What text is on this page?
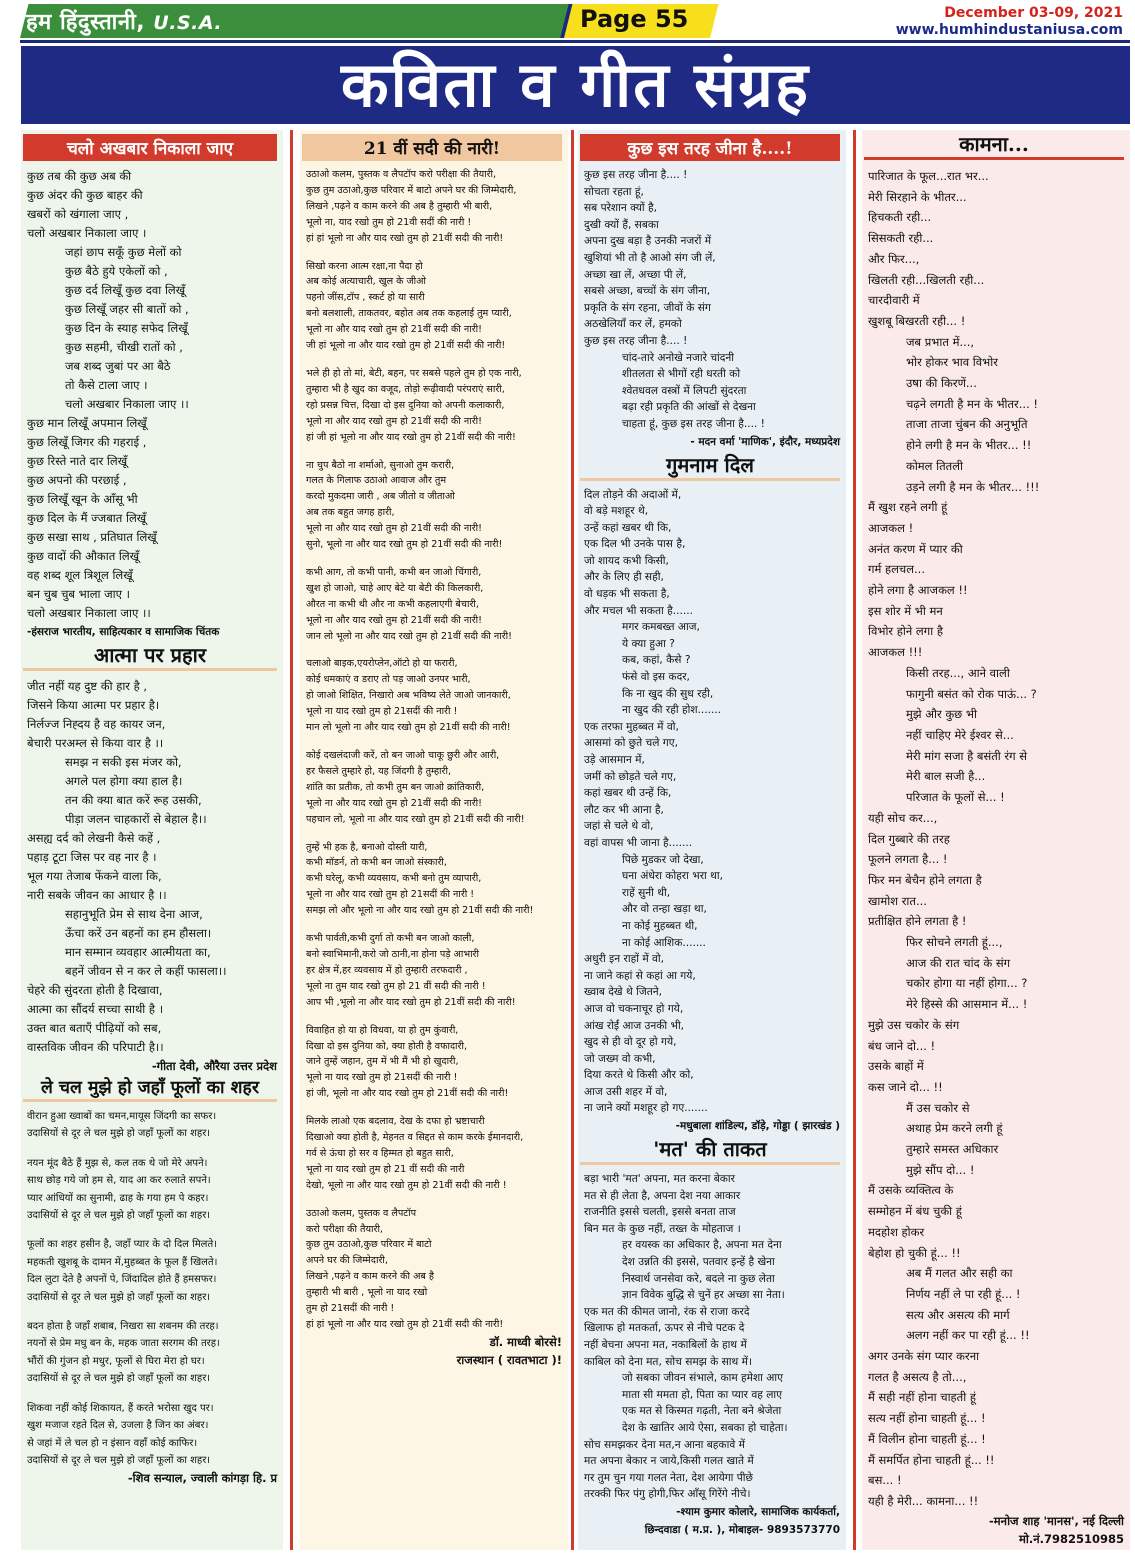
हम हिंदुस्तानी, U.S.A.	Page 55	December 03-09, 2021
www.humhindustaniusa.com
कविता व गीत संग्रह
चलो अखबार निकाला जाए
कुछ तब की कुछ अब की
कुछ अंदर की कुछ बाहर की
खबरों को खंगाला जाए ,
चलो अखबार निकाला जाए ।
जहां छाप सकूँ कुछ मेलों को
कुछ बैठे हुये एकेलों को ,
कुछ दर्द लिखूँ कुछ दवा लिखूँ
कुछ लिखूँ जहर सी बातों को ,
कुछ दिन के स्याह सफेद लिखूँ
कुछ सहमी, चीखी रातों को ,
जब शब्द जुबां पर आ बैठे
तो कैसे टाला जाए ।
चलो अखबार निकाला जाए ।।
कुछ मान लिखूँ अपमान लिखूँ
कुछ लिखूँ जिगर की गहराई ,
कुछ रिस्ते नाते दार लिखूँ
कुछ अपनो की परछाई ,
कुछ लिखूँ खून के आँसू भी
कुछ दिल के मैं ज्जबात लिखूँ
कुछ सखा साथ , प्रतिघात लिखूँ
कुछ वादों की औकात लिखूँ
वह शब्द शूल त्रिशूल लिखूँ
बन चुब चुब भाला जाए ।
चलो अखबार निकाला जाए ।।
-हंसराज भारतीय, साहित्यकार व सामाजिक चिंतक
आत्मा पर प्रहार
जीत नहीं यह दुष्ट की हार है ,
जिसने किया आत्मा पर प्रहार है।
निर्लज्ज निह्दय है वह कायर जन,
बेचारी परअम्ल से किया वार है ।।
समझ न सकी इस मंजर को,
अगले पल होगा क्या हाल है।
तन की क्या बात करें रूह उसकी,
पीड़ा जलन चाहकारों से बेहाल है।।
असह्य दर्द को लेखनी कैसे कहें ,
पहाड़ टूटा जिस पर वह नार है ।
भूल गया तेजाब फेंकने वाला कि,
नारी सबके जीवन का आधार है ।।
सहानुभूति प्रेम से साथ देना आज,
ऊँचा करें उन बहनों का हम हौसला।
मान सम्मान व्यवहार आत्मीयता का,
बहनें जीवन से न कर ले कहीं फासला।।
चेहरे की सुंदरता होती है दिखावा,
आत्मा का सौंदर्य सच्चा साथी है ।
उक्त बात बताएँ पीढ़ियों को सब,
वास्तविक जीवन की परिपाटी है।।
-गीता देवी, औरैया उत्तर प्रदेश
ले चल मुझे हो जहाँ फूलों का शहर
वीरान हुआ ख्वाबों का चमन,मायूस जिंदगी का सफर।
उदासियों से दूर ले चल मुझे हो जहाँ फूलों का शहर।
नयन मूंद बैठे हैं मुझ से, कल तक थे जो मेरे अपने।
साथ छोड़ गये जो हम से, याद आ कर रुलाते सपने।
प्यार आंधियों का सुनामी, ढाह के गया हम पे कहर।
उदासियों से दूर ले चल मुझे हो जहाँ फूलों का शहर।
फूलों का शहर हसीन है, जहाँ प्यार के दो दिल मिलते।
महकती खुशबू के दामन में,मुहब्बत के फूल हैं खिलते।
दिल लुटा देते है अपनों पे, जिंदादिल होते हैं हमसफर।
उदासियों से दूर ले चल मुझे हो जहाँ फूलों का शहर।
बदन होता है जहाँ शबाब, निखरा सा शबनम की तरह।
नयनों से प्रेम मधु बन के, महक जाता सरगम की तरह।
भौंरों की गुंजन हो मधुर, फूलों से घिरा मेरा हो घर।
उदासियों से दूर ले चल मुझे हो जहाँ फूलों का शहर।
शिकवा नहीं कोई शिकायत, हैं करते भरोसा खुद पर।
खुश मजाज रहते दिल से, उजला है जिन का अंबर।
से जहां में ले चल हो न इंसान वहाँ कोई काफिर।
उदासियों से दूर ले चल मुझे हो जहाँ फूलों का शहर।
-शिव सन्याल, ज्वाली कांगड़ा हि. प्र
21 वीं सदी की नारी!
उठाओ कलम, पुस्तक व लैपटॉप करो परीक्षा की तैयारी,
कुछ तुम उठाओ,कुछ परिवार में बाटो अपने घर की जिम्मेदारी,
लिखने ,पढ़ने व काम करने की अब है तुम्हारी भी बारी,
भूलो ना, याद रखो तुम हो 21वी सदीं की नारी !
हां हां भूलो ना और याद रखो तुम हो 21वीं सदी की नारी!
सिखो करना आत्म रक्षा,ना पैदा हो
अब कोई अत्याचारी, खुल के जीओ
पहनो जींस,टॉप , स्कर्ट हो या सारी
बनो बलशाली, ताकतवर, बहोत अब तक कहलाई तुम प्यारी,
भूलो ना और याद रखो तुम हो 21वीं सदी की नारी!
जी हां भूलो ना और याद रखो तुम हो 21वीं सदी की नारी!
भले ही हो तो मां, बेटी, बहन, पर सबसे पहले तुम हो एक नारी,
तुम्हारा भी है खुद का वजूद, तोड़ो रूढ़ीवादी परंपराएं सारी,
रहो प्रसन्न चित्त, दिखा दो इस दुनिया को अपनी कलाकारी,
भूलो ना और याद रखो तुम हो 21वीं सदी की नारी!
हां जी हां भूलो ना और याद रखो तुम हो 21वीं सदी की नारी!
ना चुप बैठो ना शर्माओ, सुनाओ तुम करारी,
गलत के गिलाफ उठाओ आवाज और तुम
करदो मुकदमा जारी , अब जीतो व जीताओ
अब तक बहुत जगह हारी,
भूलो ना और याद रखो तुम हो 21वीं सदी की नारी!
सुनो, भूलो ना और याद रखो तुम हो 21वीं सदी की नारी!
कभी आग, तो कभी पानी, कभी बन जाओ चिंगारी,
खुश हो जाओ, चाहे आए बेटे या बेटी की किलकारी,
औरत ना कभी थी और ना कभी कहलाएगी बेचारी,
भूलो ना और याद रखो तुम हो 21वीं सदी की नारी!
जान लो भूलो ना और याद रखो तुम हो 21वीं सदी की नारी!
चलाओ बाइक,एयरोप्लेन,ऑटो हो या फरारी,
कोई धमकाएं व डराए तो पड़ जाओ उनपर भारी,
हो जाओ शिक्षित, निखारो अब भविष्य लेते जाओ जानकारी,
भूलो ना याद रखो तुम हो 21सदीं की नारी !
मान लो भूलो ना और याद रखो तुम हो 21वीं सदी की नारी!
कोई दखलंदाजी करें, तो बन जाओ चाकू छुरी और आरी,
हर फैसले तुम्हारे हो, यह जिंदगी है तुम्हारी,
शांति का प्रतीक, तो कभी तुम बन जाओ क्रांतिकारी,
भूलो ना और याद रखो तुम हो 21वीं सदी की नारी!
पहचान लो, भूलो ना और याद रखो तुम हो 21वीं सदी की नारी!
तुम्हें भी हक है, बनाओ दोस्ती यारी,
कभी मॉडर्न, तो कभी बन जाओ संस्कारी,
कभी घरेलू, कभी व्यवसाय, कभी बनो तुम व्यापारी,
भूलो ना और याद रखो तुम हो 21सदीं की नारी !
समझ लो और भूलो ना और याद रखो तुम हो 21वीं सदी की नारी!
कभी पार्वती,कभी दुर्गा तो कभी बन जाओ काली,
बनो स्वाभिमानी,करो जो ठानी,ना होना पड़े आभारी
हर क्षेत्र में,हर व्यवसाय में हो तुम्हारी तरफदारी ,
भूलो ना तुम याद रखो तुम हो 21 वीं सदी की नारी !
आप भी ,भूलो ना और याद रखो तुम हो 21वीं सदी की नारी!
विवाहित हो या हो विधवा, या हो तुम कुंवारी,
दिखा दो इस दुनिया को, क्या होती है वफादारी,
जाने तुम्हें जहान, तुम में भी मैं भी हो खुदारी,
भूलो ना याद रखो तुम हो 21सदीं की नारी !
हां जी, भूलो ना और याद रखो तुम हो 21वीं सदी की नारी!
मिलके लाओ एक बदलाव, देख के दफा हो भ्रष्टाचारी
दिखाओ क्या होती है, मेहनत व सिद्दत से काम करके ईमानदारी,
गर्व से ऊंचा हो सर व हिम्मत हो बहुत सारी,
भूलो ना याद रखो तुम हो 21 वीं सदी की नारी
देखो, भूलो ना और याद रखो तुम हो 21वीं सदी की नारी !
उठाओ कलम, पुस्तक व लैपटॉप
करो परीक्षा की तैयारी,
कुछ तुम उठाओ,कुछ परिवार में बाटो
अपने घर की जिम्मेदारी,
लिखने ,पढ़ने व काम करने की अब है
तुम्हारी भी बारी , भूलो ना याद रखो
तुम हो 21सदीं की नारी !
हां हां भूलो ना और याद रखो तुम हो 21वीं सदी की नारी!
डॉ. माध्वी बोरसे!
राजस्थान ( रावतभाटा )!
कुछ इस तरह जीना है....!
कुछ इस तरह जीना है.... !
सोचता रहता हूं,
सब परेशान क्यों है,
दुखी क्यों हैं, सबका
अपना दुख बड़ा है उनकी नजरों में
खुशियां भी तो है आओ संग जी लें,
अच्छा खा लें, अच्छा पी लें,
सबसे अच्छा, बच्चों के संग जीना,
प्रकृति के संग रहना, जीवों के संग
अठखेलियाँ कर लें, हमको
कुछ इस तरह जीना है.... !
चांद-तारे अनोखे नजारे चांदनी
शीतलता से भीगों रही धरती को
श्वेतधवल वस्त्रों में लिपटी सुंदरता
बढ़ा रही प्रकृति की आंखों से देखना
चाहता हूं, कुछ इस तरह जीना है.... !
- मदन वर्मा 'माणिक', इंदौर, मध्यप्रदेश
गुमनाम दिल
दिल तोड़ने की अदाओं में,
वो बड़े मशहूर थे,
उन्हें कहां खबर थी कि,
एक दिल भी उनके पास है,
जो शायद कभी किसी,
और के लिए ही सही,
वो धड़क भी सकता है,
और मचल भी सकता है......
मगर कमबख्त आज,
ये क्या हुआ ?
कब, कहां, कैसे ?
फंसे वो इस कदर,
कि ना खुद की सुध रही,
ना खुद की रही होश.......
एक तरफा मुहब्बत में वो,
आसमां को छुते चले गए,
उड़े आसमान में,
जमीं को छोड़ते चले गए,
कहां खबर थी उन्हें कि,
लौट कर भी आना है,
जहां से चले थे वो,
वहां वापस भी जाना है.......
पिछे मुडकर जो देखा,
घना अंधेरा कोहरा भरा था,
राहें सुनी थी,
और वो तन्हा खड़ा था,
ना कोई मुहब्बत थी,
ना कोई आशिक.......
अधुरी इन राहों में वो,
ना जाने कहां से कहां आ गये,
ख्वाब देखे थे जितने,
आज वो चकनाचूर हो गये,
आंख रोईं आज उनकी भी,
खुद से ही वो दूर हो गये,
जो जख्म वो कभी,
दिया करते थे किसी और को,
आज उसी शहर में वो,
ना जाने क्यों मशहूर हो गए.......
-मधुबाला शांडिल्य, डॉड़े, गोड्डा ( झारखंड )
'मत' की ताकत
बड़ा भारी 'मत' अपना, मत करना बेकार
मत से ही लेता है, अपना देश नया आकार
राजनीति इससे चलती, इससे बनता ताज
बिन मत के कुछ नहीं, तख्त के मोहताज ।
हर वयस्क का अधिकार है, अपना मत देना
देश उन्नति की इससे, पतवार इन्हें है खेना
निस्वार्थ जनसेवा करे, बदले ना कुछ लेता
ज्ञान विवेक बुद्धि से चुनें हर अच्छा सा नेता।
एक मत की कीमत जानो, रंक से राजा करदे
खिलाफ हो मतकर्ता, ऊपर से नीचे पटक दे
नहीं बेचना अपना मत, नकाबिलों के हाथ में
काबिल को देना मत, सोच समझ के साथ में।
जो सबका जीवन संभाले, काम हमेशा आए
माता सी ममता हो, पिता का प्यार वह लाए
एक मत से किस्मत गढ़ती, नेता बने श्रेजेता
देश के खातिर आये ऐसा, सबका हो चाहेता।
सोच समझकर देना मत,न आना बहकावे में
मत अपना बेकार न जाये,किसी गलत खाते में
गर तुम चुन गया गलत नेता, देश आयेगा पीछे
तरक्की फिर पंगु होगी,फिर आँसू गिरेंगे नीचे।
-श्याम कुमार कोलारे, सामाजिक कार्यकर्ता,
छिन्दवाडा ( म.प्र. ), मोबाइल- 9893573770
कामना...
पारिजात के फूल...रात भर...
मेरी सिरहाने के भीतर...
हिचकती रही...
सिसकती रही...
और फिर...,
खिलती रही...खिलती रही...
चारदीवारी में
खुशबू बिखरती रही... !
जब प्रभात में...,
भोर होकर भाव विभोर
उषा की किरणें...
चढ़ने लगती है मन के भीतर... !
ताजा ताजा चुंबन की अनुभूति
होने लगी है मन के भीतर... !!
कोमल तितली
उड़ने लगी है मन के भीतर... !!!
मैं खुश रहने लगी हूं
आजकल !
अनंत करण में प्यार की
गर्म हलचल...
होने लगा है आजकल !!
इस शोर में भी मन
विभोर होने लगा है
आजकल !!!
किसी तरह..., आने वाली
फागुनी बसंत को रोक पाऊं... ?
मुझे और कुछ भी
नहीं चाहिए मेरे ईश्वर से...
मेरी मांग सजा है बसंती रंग से
मेरी बाल सजी है...
परिजात के फूलों से... !
यही सोच कर...,
दिल गुब्बारे की तरह
फूलने लगता है... !
फिर मन बेचैन होने लगता है
खामोश रात...
प्रतीक्षित होने लगता है !
फिर सोचने लगती हूं...,
आज की रात चांद के संग
चकोर होगा या नहीं होगा... ?
मेरे हिस्से की आसमान में... !
मुझे उस चकोर के संग
बंध जाने दो... !
उसके बाहों में
कस जाने दो... !!
मैं उस चकोर से
अथाह प्रेम करने लगी हूं
तुम्हारे समस्त अधिकार
मुझे सौंप दो... !
मैं उसके व्यक्तित्व के
सम्मोहन में बंध चुकी हूं
मदहोश होकर
बेहोश हो चुकी हूं... !!
अब मैं गलत और सही का
निर्णय नहीं ले पा रही हूं... !
सत्य और असत्य की मार्ग
अलग नहीं कर पा रही हूं... !!
अगर उनके संग प्यार करना
गलत है असत्य है तो...,
मैं सही नहीं होना चाहती हूं
सत्य नहीं होना चाहती हूं... !
मैं विलीन होना चाहती हूं... !
मैं समर्पित होना चाहती हूं... !!
बस... !
यही है मेरी... कामना... !!
-मनोज शाह 'मानस', नई दिल्ली
मो.नं.7982510985
